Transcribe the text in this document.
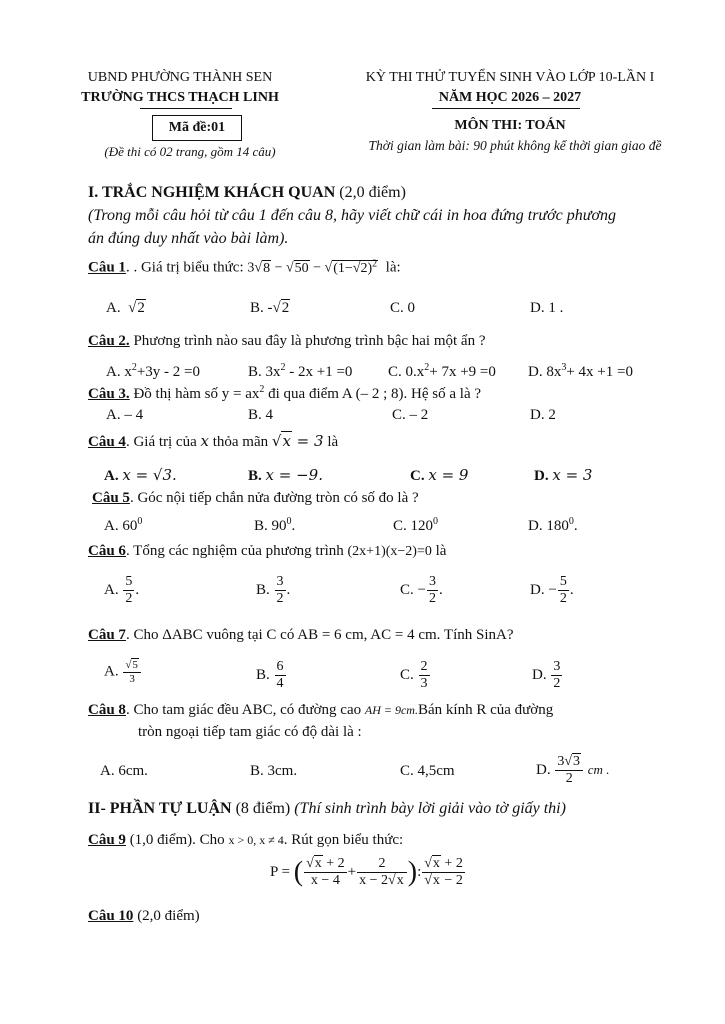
UBND PHƯỜNG THÀNH SEN
TRƯỜNG THCS THẠCH LINH
Mã đề:01
(Đề thi có 02 trang, gồm 14 câu)
KỲ THI THỬ TUYỂN SINH VÀO LỚP 10-LẦN I
NĂM HỌC 2026 – 2027
MÔN THI: TOÁN
Thời gian làm bài: 90 phút không kể thời gian giao đề
I. TRẮC NGHIỆM KHÁCH QUAN (2,0 điểm)
(Trong mỗi câu hỏi từ câu 1 đến câu 8, hãy viết chữ cái in hoa đứng trước phương
án đúng duy nhất vào bài làm).
Câu 1. . Giá trị biểu thức: $3√8 - √50 - √(1-√2)^2$ là:
A.  √2	B. -√2	C. 0	D. 1 .
Câu 2. Phương trình nào sau đây là phương trình bậc hai một ẩn ?
A. $x^2+3y - 2 =0$	B. $3x^2 - 2x +1 =0$ C. $0.x^2+ 7x +9 =0$ D. $8x^3+ 4x +1 =0$
Câu 3. Đồ thị hàm số $y = ax^2$ đi qua điểm A (– 2 ; 8). Hệ số a là ?
A. – 4	B. 4	C. – 2	D. 2
Câu 4. Giá trị của x thỏa mãn √x = 3 là
A. x = √3.	B. x = −9.	C. x = 9	D. x = 3
Câu 5. Góc nội tiếp chắn nửa đường tròn có số đo là ?
A. $60^0$	B. $90^0$.	C. $120^0$	D. $180^0$.
Câu 6. Tổng các nghiệm của phương trình (2x+1)(x−2)=0 là
A. $\frac{5}{2}$ .	B. $\frac{3}{2}$ .	C. − $\frac{3}{2}$ .	D. − $\frac{5}{2}$ .
Câu 7. Cho ΔABC vuông tại C có AB = 6 cm, AC = 4 cm. Tính SinA?
A. $\frac{√5}{3}$	B. $\frac{6}{4}$	C. $\frac{2}{3}$	D. $\frac{3}{2}$
Câu 8. Cho tam giác đều ABC, có đường cao AH = 9cm.Bán kính R của đường
tròn ngoại tiếp tam giác có độ dài là :
A. 6cm.	B. 3cm.	C. 4,5cm	D. $\frac{3√3}{2}$ cm .
II- PHẦN TỰ LUẬN (8 điểm) (Thí sinh trình bày lời giải vào tờ giấy thi)
Câu 9 (1,0 điểm). Cho x > 0, x ≠ 4. Rút gọn biểu thức:
P = ( $\frac{√x + 2}{x - 4} + \frac{2}{x - 2√x}$ ): $\frac{√x + 2}{√x - 2}$
Câu 10 (2,0 điểm)
